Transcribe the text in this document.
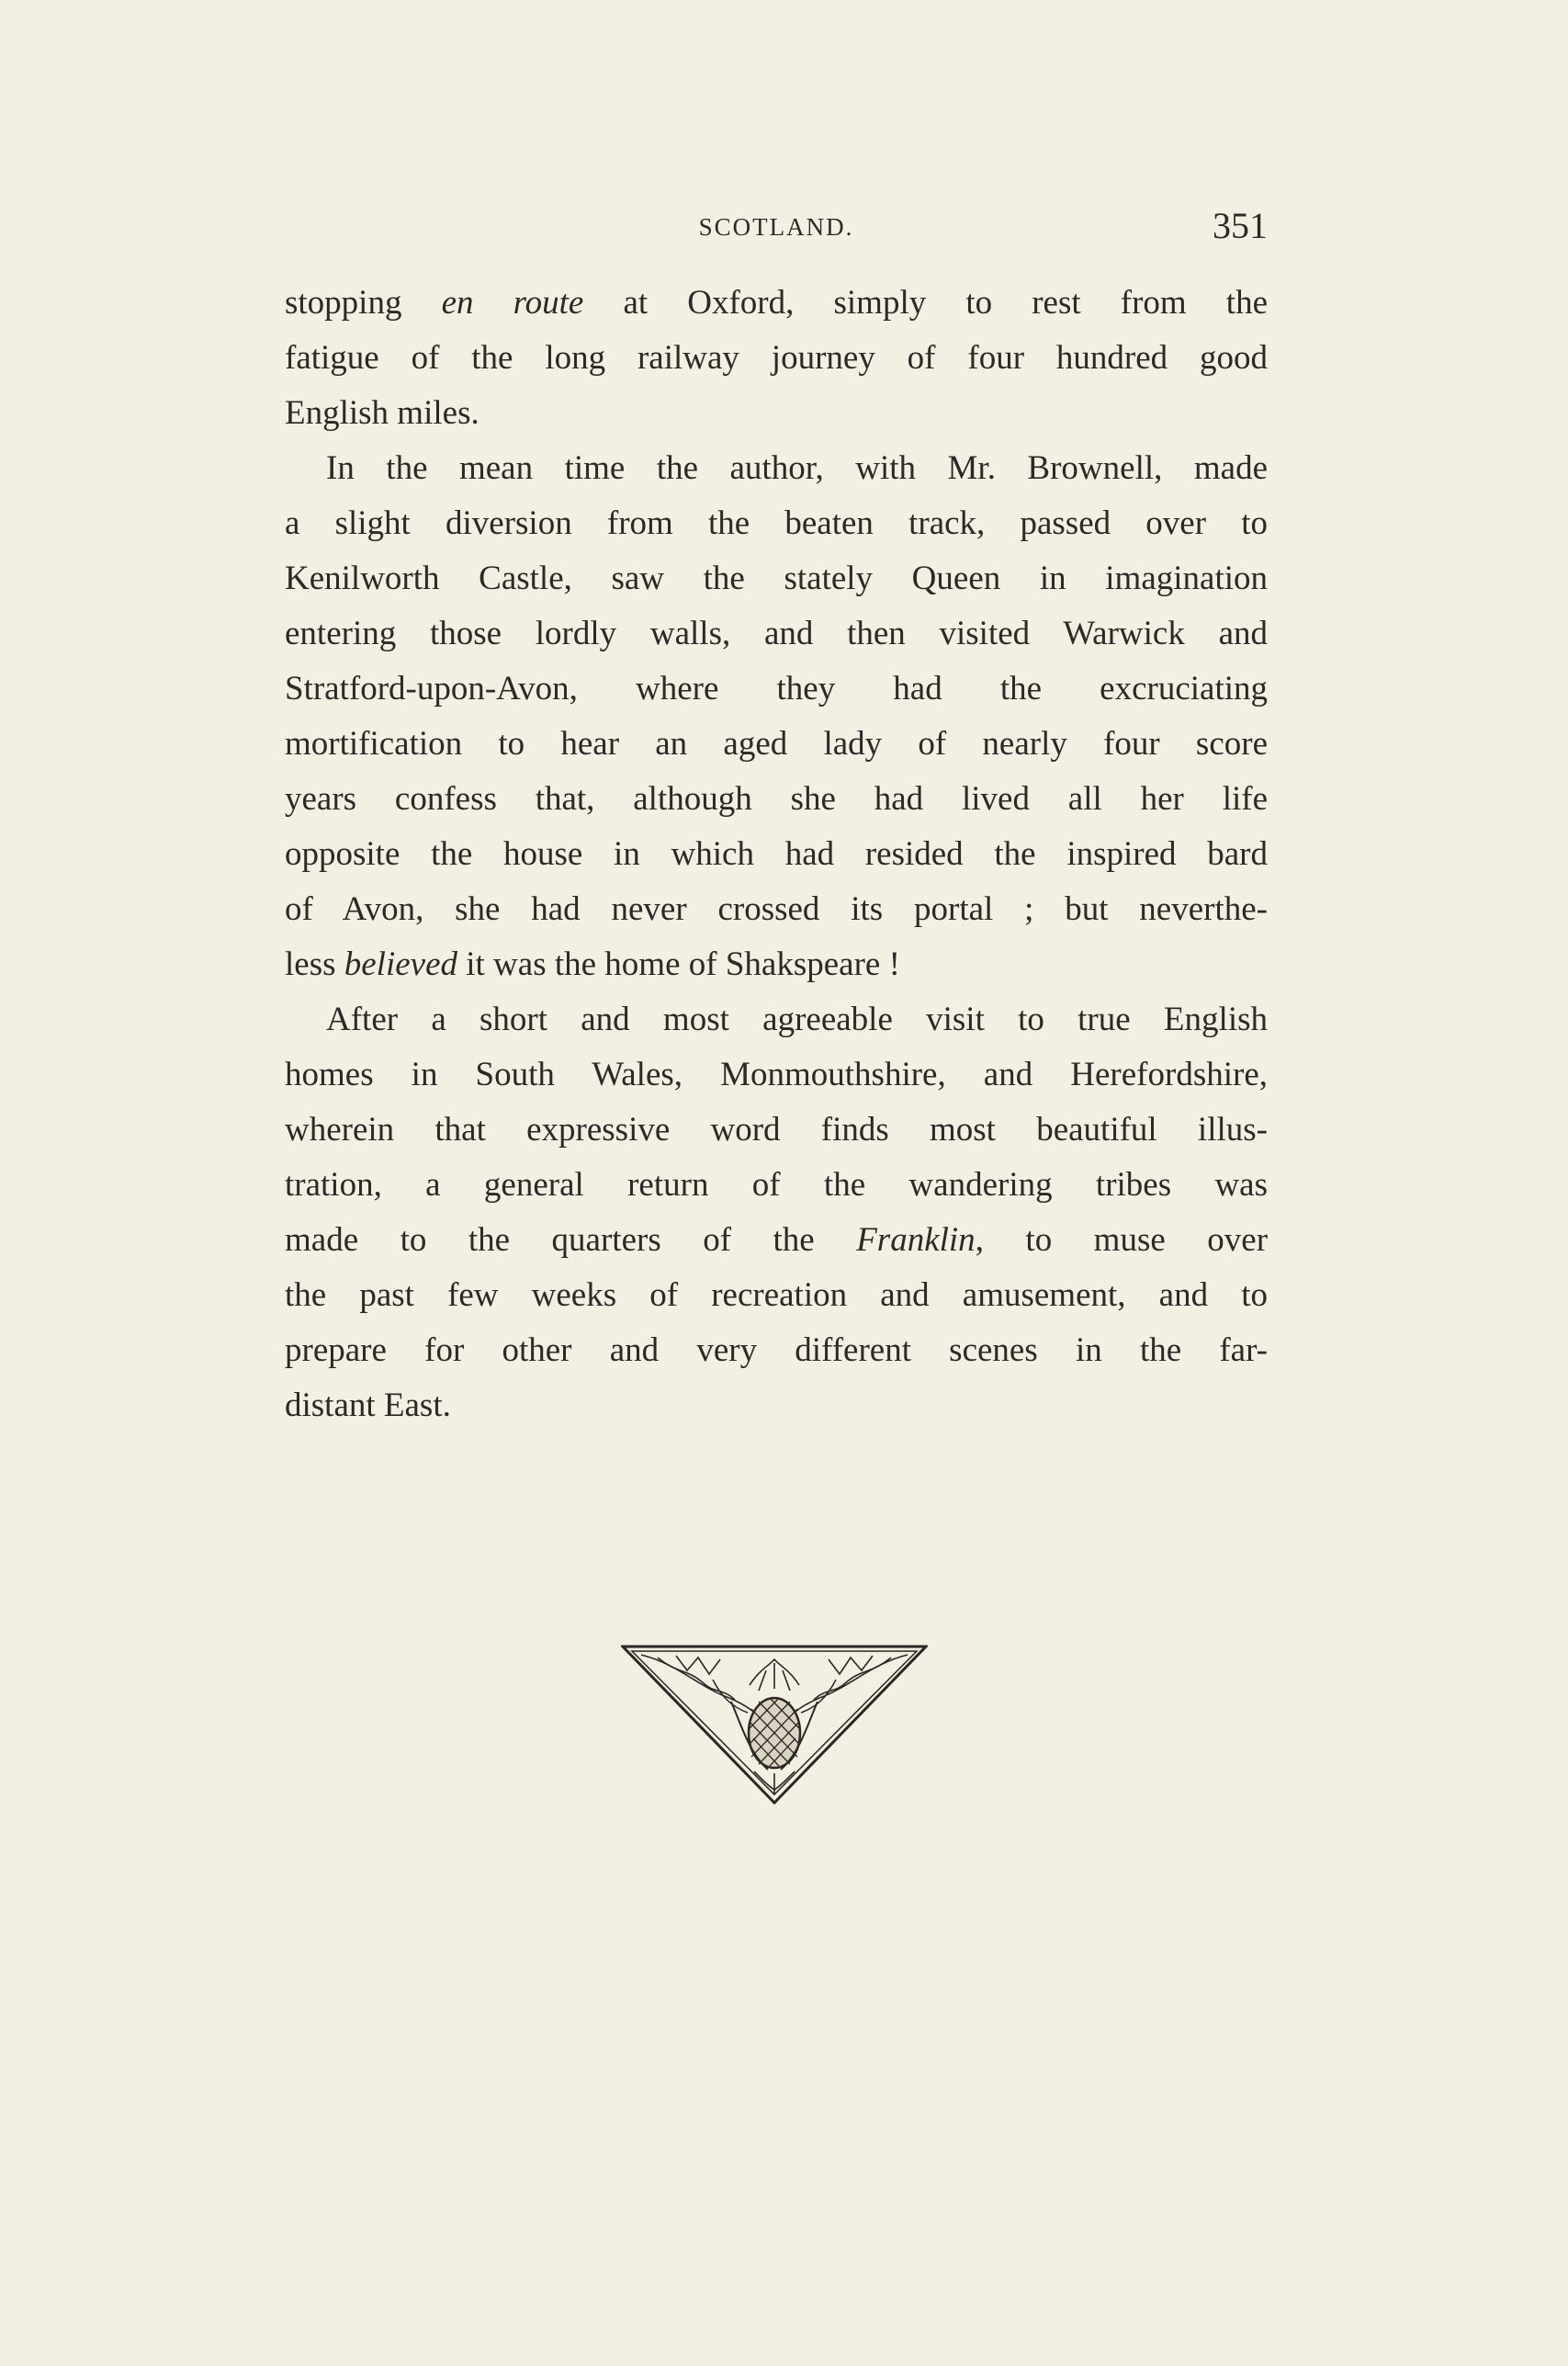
SCOTLAND.	351
stopping en route at Oxford, simply to rest from the
fatigue of the long railway journey of four hundred good
English miles.
In the mean time the author, with Mr. Brownell, made
a slight diversion from the beaten track, passed over to
Kenilworth Castle, saw the stately Queen in imagination
entering those lordly walls, and then visited Warwick and
Stratford-upon-Avon, where they had the excruciating
mortification to hear an aged lady of nearly four score
years confess that, although she had lived all her life
opposite the house in which had resided the inspired bard
of Avon, she had never crossed its portal ; but neverthe-
less believed it was the home of Shakspeare !
After a short and most agreeable visit to true English
homes in South Wales, Monmouthshire, and Herefordshire,
wherein that expressive word finds most beautiful illus-
tration, a general return of the wandering tribes was
made to the quarters of the Franklin, to muse over
the past few weeks of recreation and amusement, and to
prepare for other and very different scenes in the far-
distant East.
